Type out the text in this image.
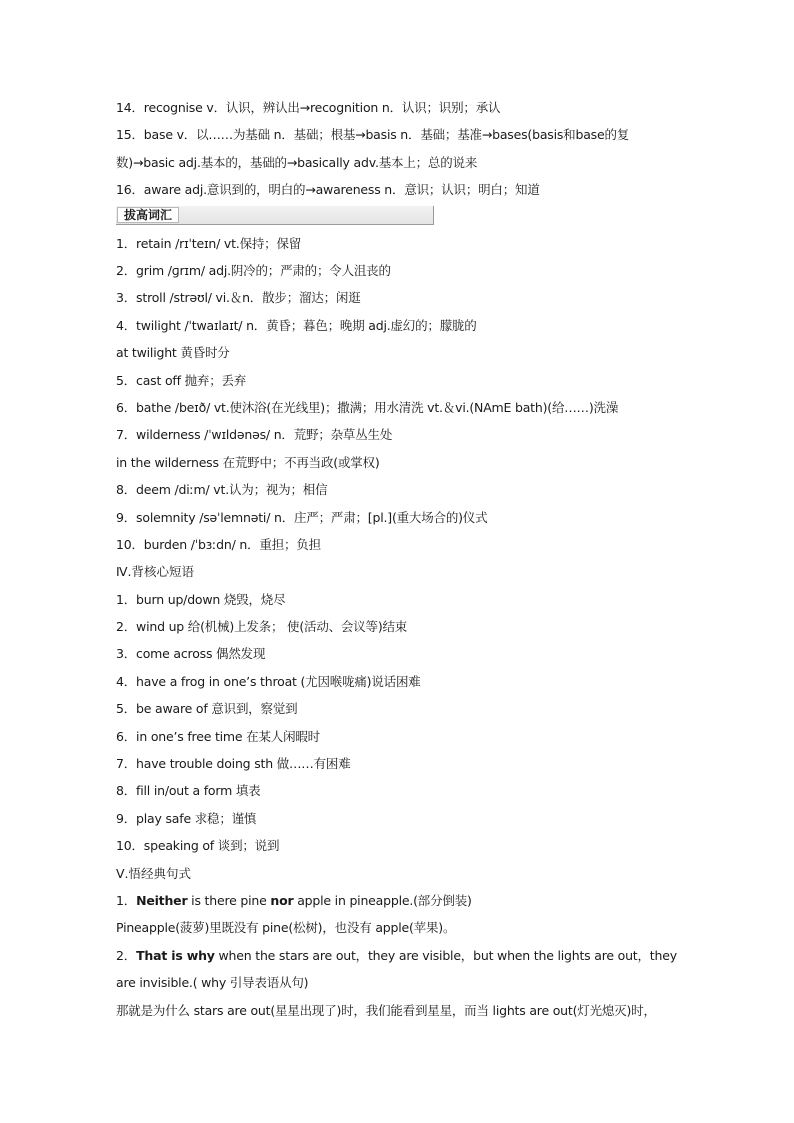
14．recognise v．认识，辨认出→recognition n．认识；识别；承认
15．base v．以……为基础 n．基础；根基→basis n．基础；基准→bases(basis和base的复数)→basic adj.基本的，基础的→basically adv.基本上；总的说来
16．aware adj.意识到的，明白的→awareness n．意识；认识；明白；知道
拔高词汇
1．retain /rɪˈteɪn/ vt.保持；保留
2．grim /ɡrɪm/ adj.阴冷的；严肃的；令人沮丧的
3．stroll /strəʊl/ vi.＆n．散步；溜达；闲逛
4．twilight /ˈtwaɪlaɪt/ n．黄昏；暮色；晚期 adj.虚幻的；朦胧的
at twilight 黄昏时分
5．cast off 抛弃；丢弃
6．bathe /beɪð/ vt.使沐浴(在光线里)；撒满；用水清洗 vt.＆vi.(NAmE bath)(给……)洗澡
7．wilderness /ˈwɪldənəs/ n．荒野；杂草丛生处
in the wilderness 在荒野中；不再当政(或掌权)
8．deem /diːm/ vt.认为；视为；相信
9．solemnity /səˈlemnəti/ n．庄严；严肃；[pl.](重大场合的)仪式
10．burden /ˈbɜːdn/ n．重担；负担
Ⅳ.背核心短语
1．burn up/down 烧毁，烧尽
2．wind up 给(机械)上发条； 使(活动、会议等)结束
3．come across 偶然发现
4．have a frog in one’s throat (尤因喉咙痛)说话困难
5．be aware of 意识到，察觉到
6．in one’s free time 在某人闲暇时
7．have trouble doing sth 做……有困难
8．fill in/out a form 填表
9．play safe 求稳；谨慎
10．speaking of 谈到；说到
Ⅴ.悟经典句式
1．Neither is there pine nor apple in pineapple.(部分倒装)
Pineapple(菠萝)里既没有 pine(松树)，也没有 apple(苹果)。
2．That is why when the stars are out，they are visible，but when the lights are out，they are invisible.( why 引导表语从句)
那就是为什么 stars are out(星星出现了)时，我们能看到星星，而当 lights are out(灯光熄灭)时，
